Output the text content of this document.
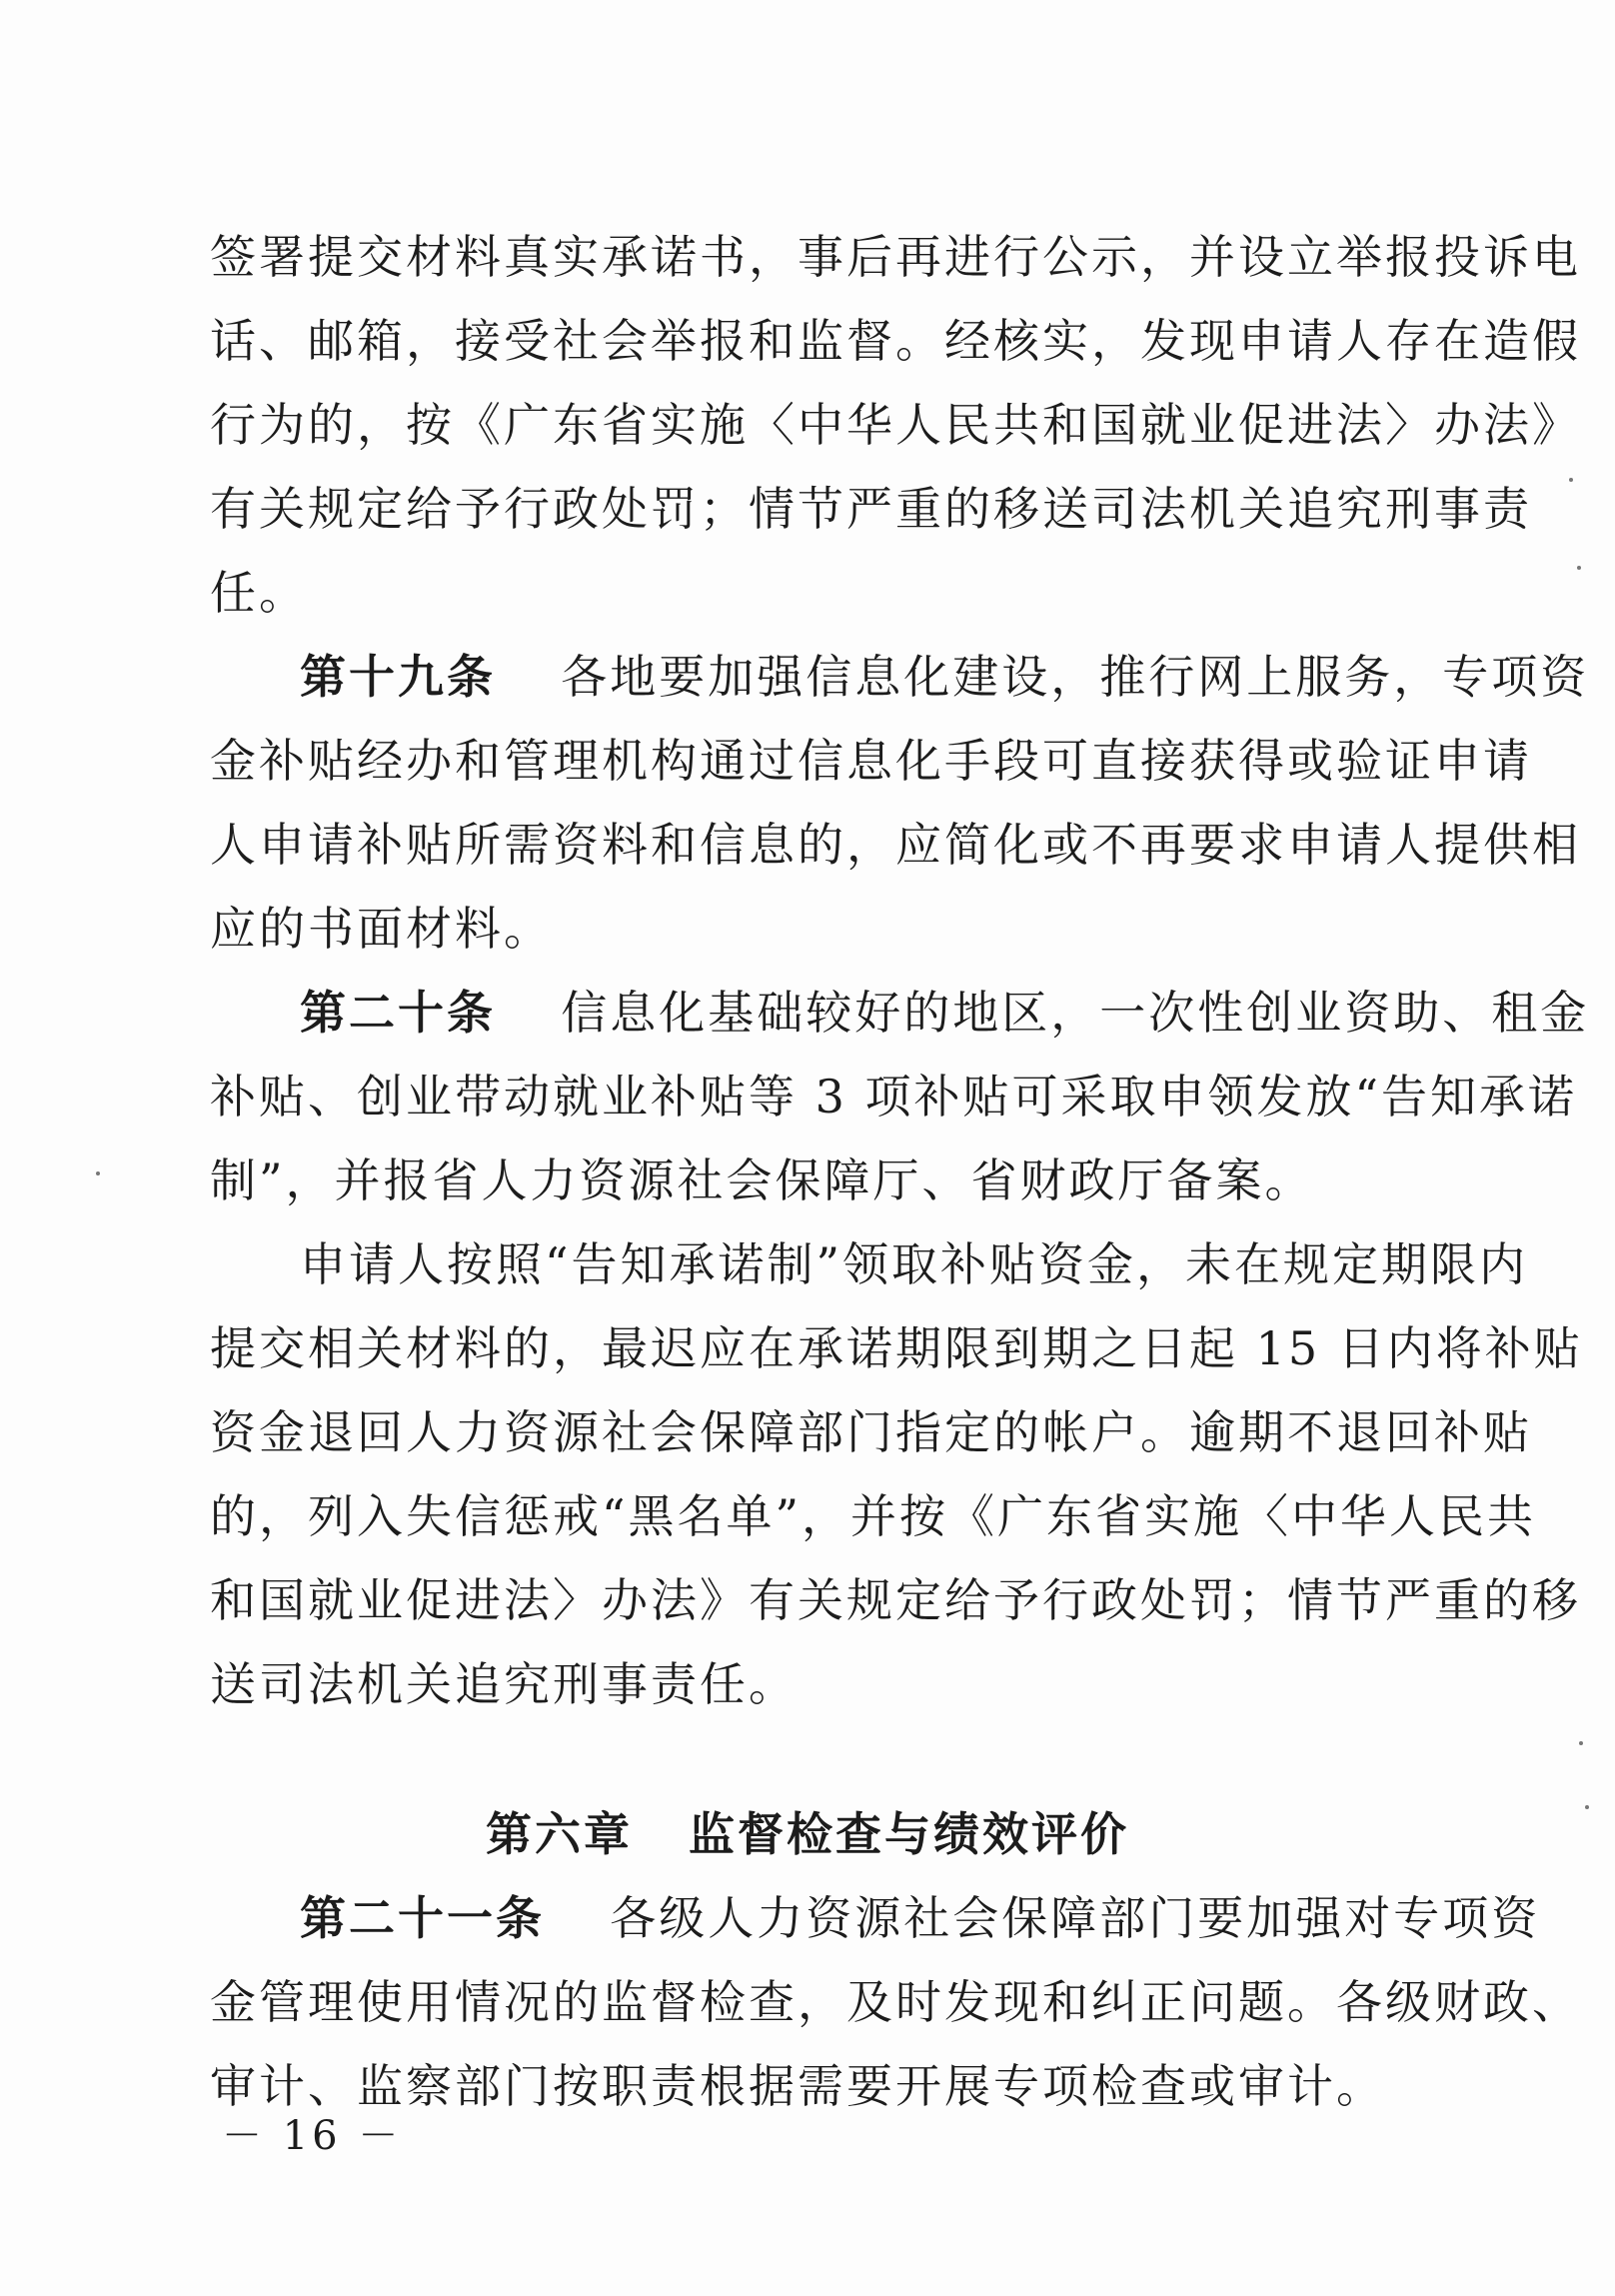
签署提交材料真实承诺书，事后再进行公示，并设立举报投诉电
话、邮箱，接受社会举报和监督。经核实，发现申请人存在造假
行为的，按《广东省实施〈中华人民共和国就业促进法〉办法》
有关规定给予行政处罚；情节严重的移送司法机关追究刑事责
任。
第十九条 各地要加强信息化建设，推行网上服务，专项资
金补贴经办和管理机构通过信息化手段可直接获得或验证申请
人申请补贴所需资料和信息的，应简化或不再要求申请人提供相
应的书面材料。
第二十条 信息化基础较好的地区，一次性创业资助、租金
补贴、创业带动就业补贴等 3 项补贴可采取申领发放“告知承诺
制”，并报省人力资源社会保障厅、省财政厅备案。
申请人按照“告知承诺制”领取补贴资金，未在规定期限内
提交相关材料的，最迟应在承诺期限到期之日起 15 日内将补贴
资金退回人力资源社会保障部门指定的帐户。逾期不退回补贴
的，列入失信惩戒“黑名单”，并按《广东省实施〈中华人民共
和国就业促进法〉办法》有关规定给予行政处罚；情节严重的移
送司法机关追究刑事责任。
第六章 监督检查与绩效评价
第二十一条 各级人力资源社会保障部门要加强对专项资
金管理使用情况的监督检查，及时发现和纠正问题。各级财政、
审计、监察部门按职责根据需要开展专项检查或审计。
－ 16 －
